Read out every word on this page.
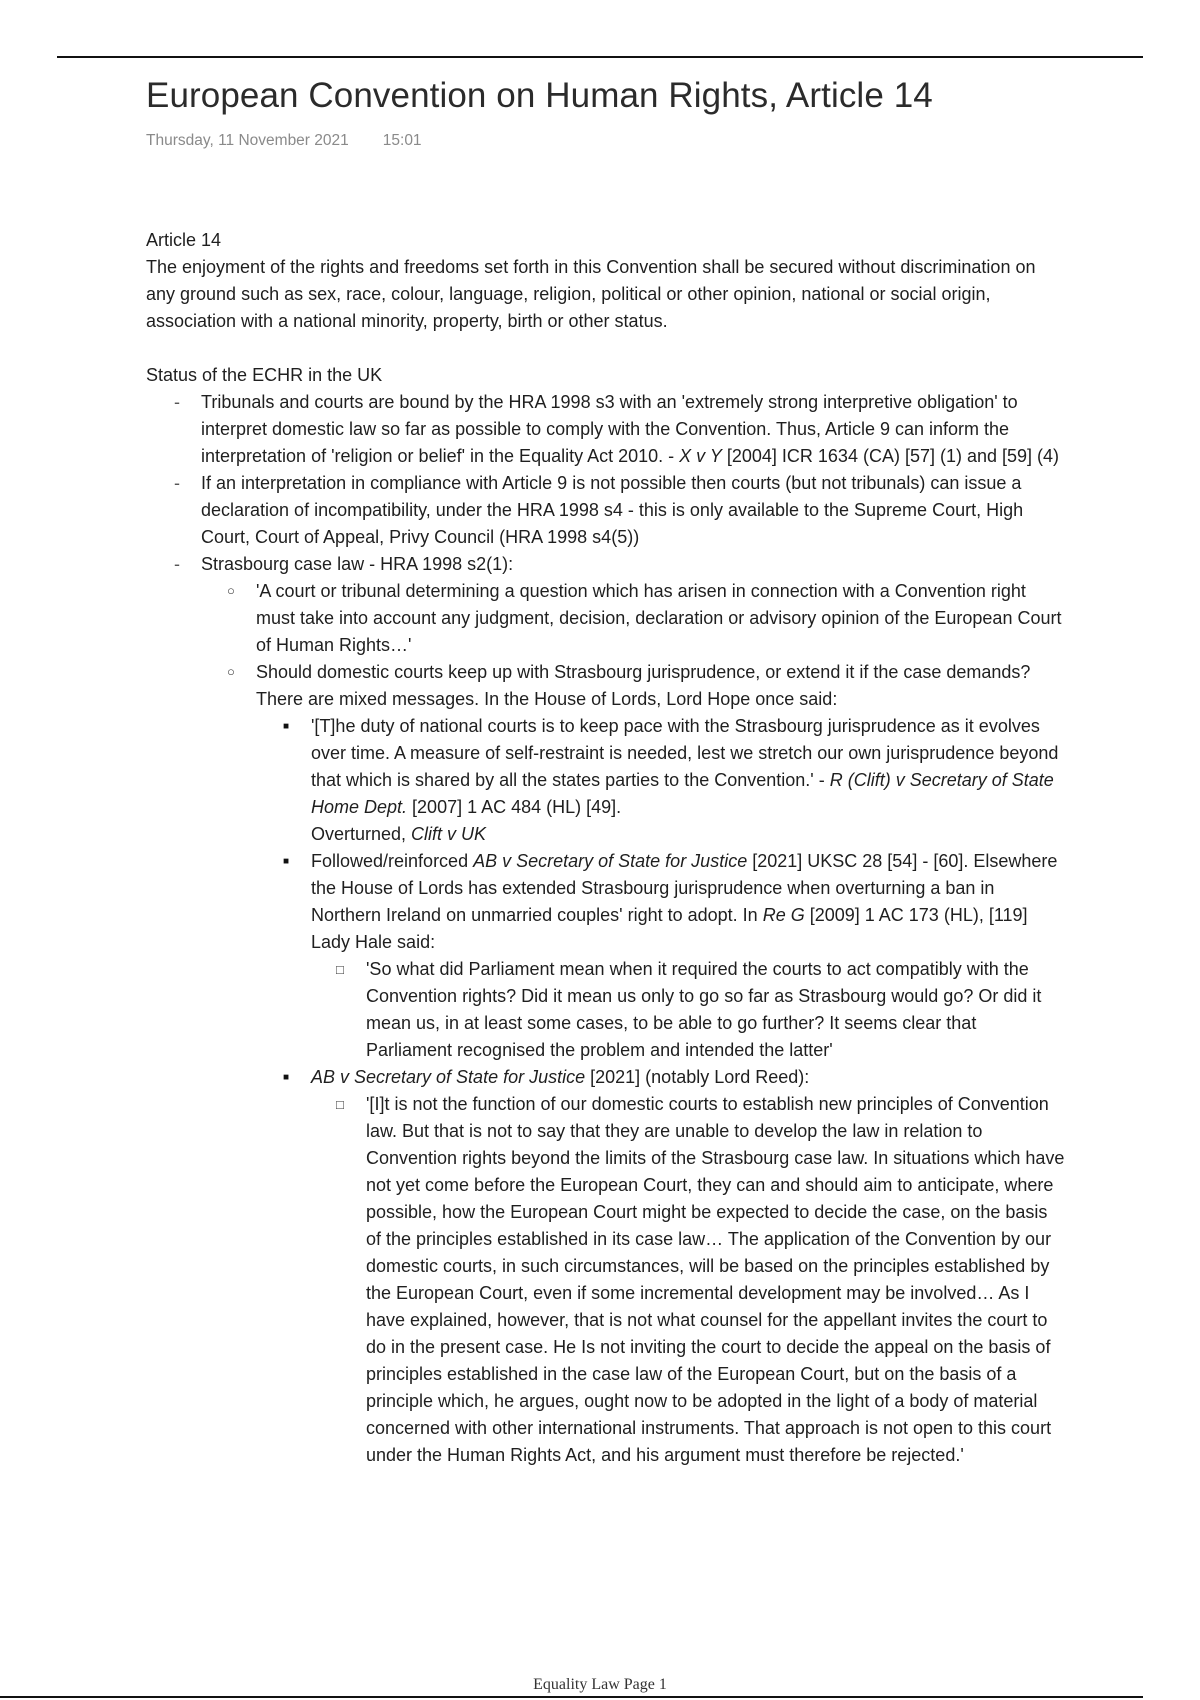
European Convention on Human Rights, Article 14
Thursday, 11 November 2021 15:01

Article 14

The enjoyment of the rights and freedoms set forth in this Convention shall be secured without discrimination on any ground such as sex, race, colour, language, religion, political or other opinion, national or social origin, association with a national minority, property, birth or other status.

Status of the ECHR in the UK

- Tribunals and courts are bound by the HRA 1998 s3 with an 'extremely strong interpretive obligation' to interpret domestic law so far as possible to comply with the Convention. Thus, Article 9 can inform the interpretation of 'religion or belief' in the Equality Act 2010. - X v Y [2004] ICR 1634 (CA) [57] (1) and [59] (4)
- If an interpretation in compliance with Article 9 is not possible then courts (but not tribunals) can issue a declaration of incompatibility, under the HRA 1998 s4 - this is only available to the Supreme Court, High Court, Court of Appeal, Privy Council (HRA 1998 s4(5))
- Strasbourg case law - HRA 1998 s2(1):
○ 'A court or tribunal determining a question which has arisen in connection with a Convention right must take into account any judgment, decision, declaration or advisory opinion of the European Court of Human Rights…'
○ Should domestic courts keep up with Strasbourg jurisprudence, or extend it if the case demands? There are mixed messages. In the House of Lords, Lord Hope once said:
■ '[T]he duty of national courts is to keep pace with the Strasbourg jurisprudence as it evolves over time. A measure of self-restraint is needed, lest we stretch our own jurisprudence beyond that which is shared by all the states parties to the Convention.' - R (Clift) v Secretary of State Home Dept. [2007] 1 AC 484 (HL) [49].
Overturned, Clift v UK
■ Followed/reinforced AB v Secretary of State for Justice [2021] UKSC 28 [54] - [60]. Elsewhere the House of Lords has extended Strasbourg jurisprudence when overturning a ban in Northern Ireland on unmarried couples' right to adopt. In Re G [2009] 1 AC 173 (HL), [119] Lady Hale said:
□ 'So what did Parliament mean when it required the courts to act compatibly with the Convention rights? Did it mean us only to go so far as Strasbourg would go? Or did it mean us, in at least some cases, to be able to go further? It seems clear that Parliament recognised the problem and intended the latter'
■ AB v Secretary of State for Justice [2021] (notably Lord Reed):
□ '[I]t is not the function of our domestic courts to establish new principles of Convention law. But that is not to say that they are unable to develop the law in relation to Convention rights beyond the limits of the Strasbourg case law. In situations which have not yet come before the European Court, they can and should aim to anticipate, where possible, how the European Court might be expected to decide the case, on the basis of the principles established in its case law… The application of the Convention by our domestic courts, in such circumstances, will be based on the principles established by the European Court, even if some incremental development may be involved… As I have explained, however, that is not what counsel for the appellant invites the court to do in the present case. He Is not inviting the court to decide the appeal on the basis of principles established in the case law of the European Court, but on the basis of a principle which, he argues, ought now to be adopted in the light of a body of material concerned with other international instruments. That approach is not open to this court under the Human Rights Act, and his argument must therefore be rejected.'
Equality Law Page 1
